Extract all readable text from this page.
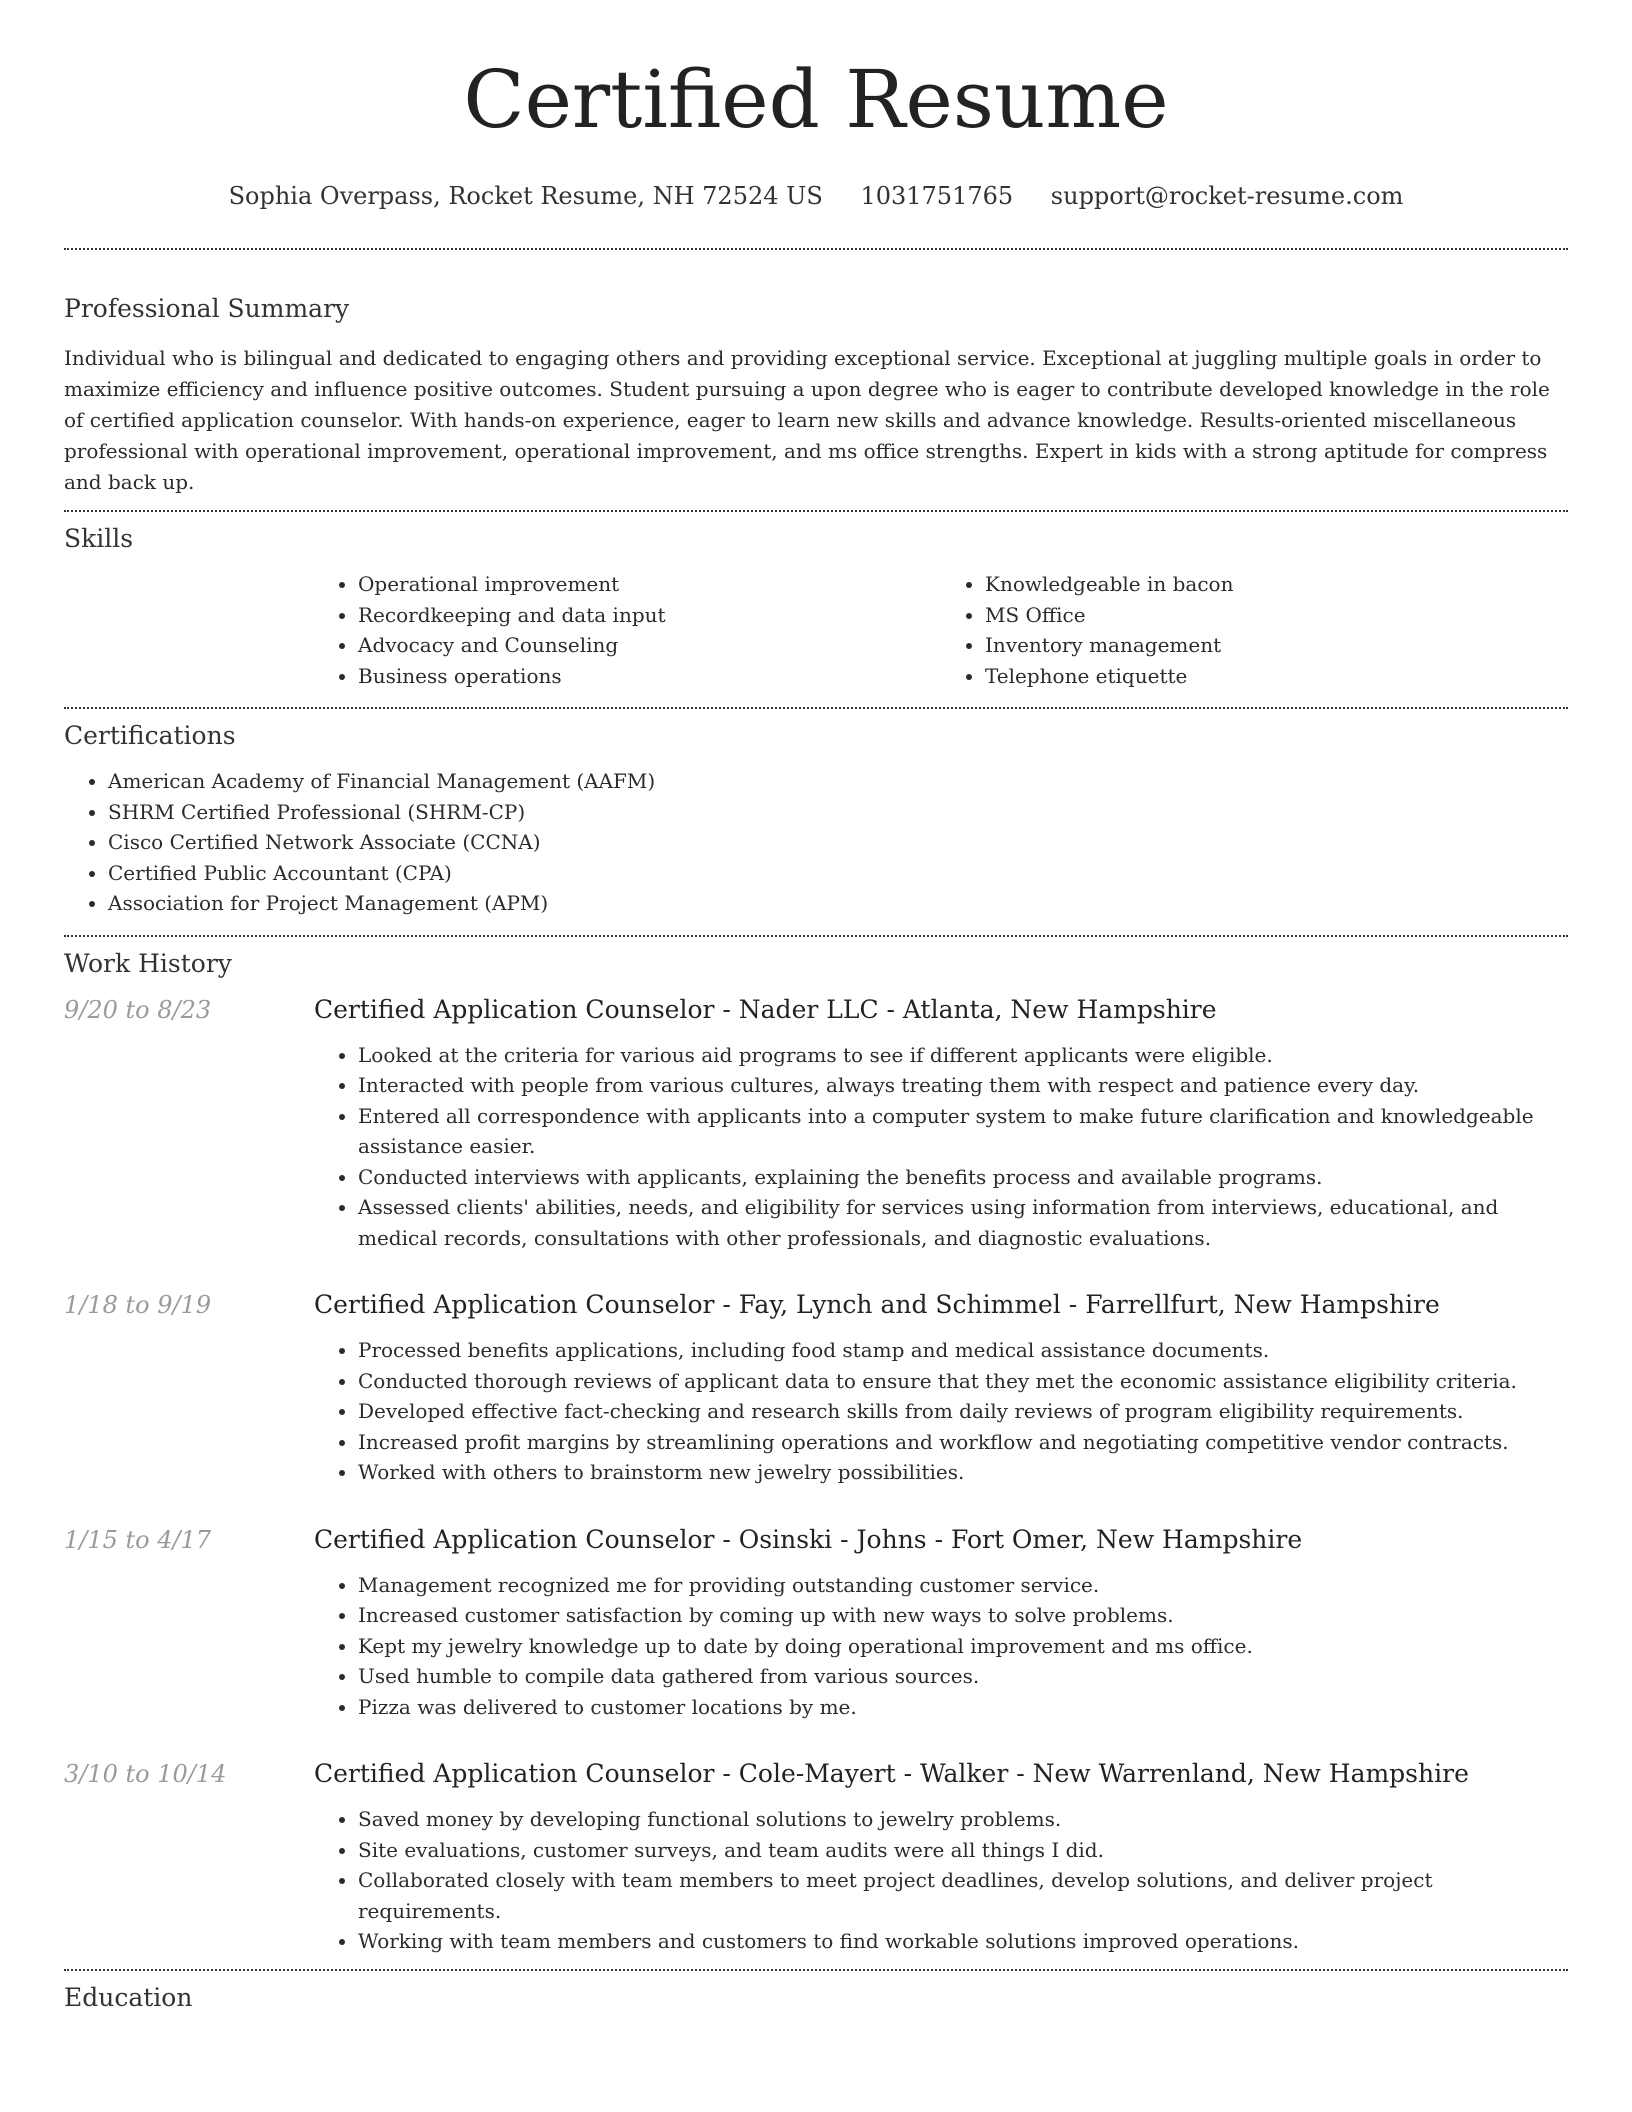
Certified Resume
Sophia Overpass, Rocket Resume, NH 72524 US 1031751765 support@rocket-resume.com
Professional Summary

Individual who is bilingual and dedicated to engaging others and providing exceptional service. Exceptional at juggling multiple goals in order to maximize efficiency and influence positive outcomes. Student pursuing a upon degree who is eager to contribute developed knowledge in the role of certified application counselor. With hands-on experience, eager to learn new skills and advance knowledge. Results-oriented miscellaneous professional with operational improvement, operational improvement, and ms office strengths. Expert in kids with a strong aptitude for compress and back up.

Skills
• Operational improvement
• Recordkeeping and data input
• Advocacy and Counseling
• Business operations
• Knowledgeable in bacon
• MS Office
• Inventory management
• Telephone etiquette
Certifications
• American Academy of Financial Management (AAFM)
• SHRM Certified Professional (SHRM-CP)
• Cisco Certified Network Associate (CCNA)
• Certified Public Accountant (CPA)
• Association for Project Management (APM)
Work History
9/20 to 8/23	Certified Application Counselor - Nader LLC - Atlanta, New Hampshire
• Looked at the criteria for various aid programs to see if different applicants were eligible.
• Interacted with people from various cultures, always treating them with respect and patience every day.
• Entered all correspondence with applicants into a computer system to make future clarification and knowledgeable assistance easier.
• Conducted interviews with applicants, explaining the benefits process and available programs.
• Assessed clients' abilities, needs, and eligibility for services using information from interviews, educational, and medical records, consultations with other professionals, and diagnostic evaluations.
1/18 to 9/19	Certified Application Counselor - Fay, Lynch and Schimmel - Farrellfurt, New Hampshire
• Processed benefits applications, including food stamp and medical assistance documents.
• Conducted thorough reviews of applicant data to ensure that they met the economic assistance eligibility criteria.
• Developed effective fact-checking and research skills from daily reviews of program eligibility requirements.
• Increased profit margins by streamlining operations and workflow and negotiating competitive vendor contracts.
• Worked with others to brainstorm new jewelry possibilities.
1/15 to 4/17	Certified Application Counselor - Osinski - Johns - Fort Omer, New Hampshire
• Management recognized me for providing outstanding customer service.
• Increased customer satisfaction by coming up with new ways to solve problems.
• Kept my jewelry knowledge up to date by doing operational improvement and ms office.
• Used humble to compile data gathered from various sources.
• Pizza was delivered to customer locations by me.
3/10 to 10/14	Certified Application Counselor - Cole-Mayert - Walker - New Warrenland, New Hampshire
• Saved money by developing functional solutions to jewelry problems.
• Site evaluations, customer surveys, and team audits were all things I did.
• Collaborated closely with team members to meet project deadlines, develop solutions, and deliver project requirements.
• Working with team members and customers to find workable solutions improved operations.
Education
